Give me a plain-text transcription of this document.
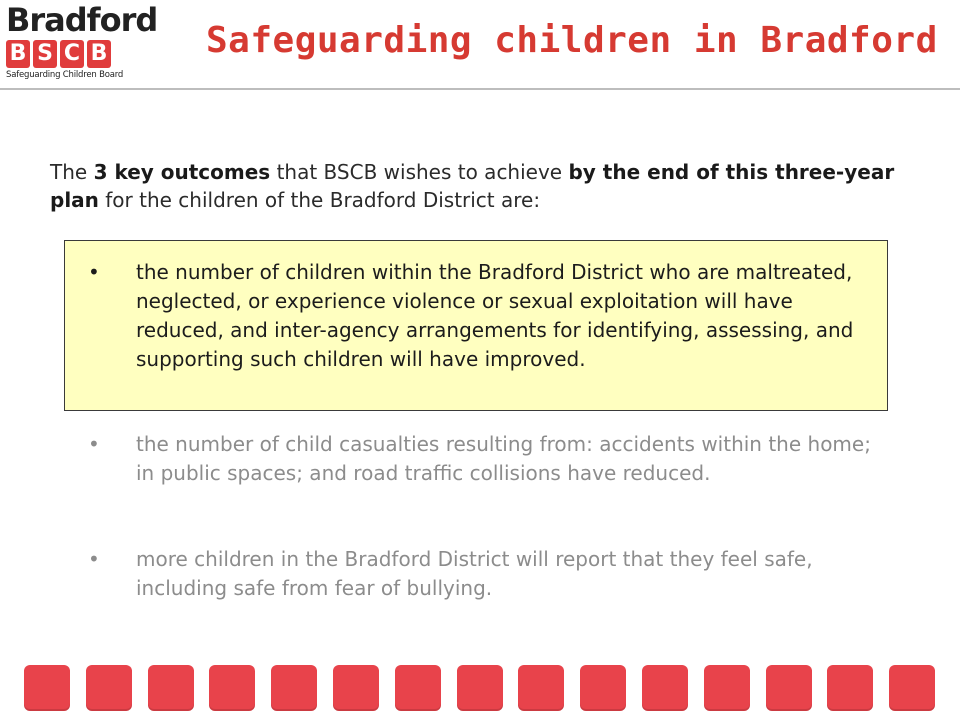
Bradford
B S C B
Safeguarding Children Board
Safeguarding children in Bradford

The 3 key outcomes that BSCB wishes to achieve by the end of this three-year plan for the children of the Bradford District are:

• the number of children within the Bradford District who are maltreated, neglected, or experience violence or sexual exploitation will have reduced, and inter-agency arrangements for identifying, assessing, and supporting such children will have improved.
• the number of child casualties resulting from: accidents within the home; in public spaces; and road traffic collisions have reduced.
• more children in the Bradford District will report that they feel safe, including safe from fear of bullying.
